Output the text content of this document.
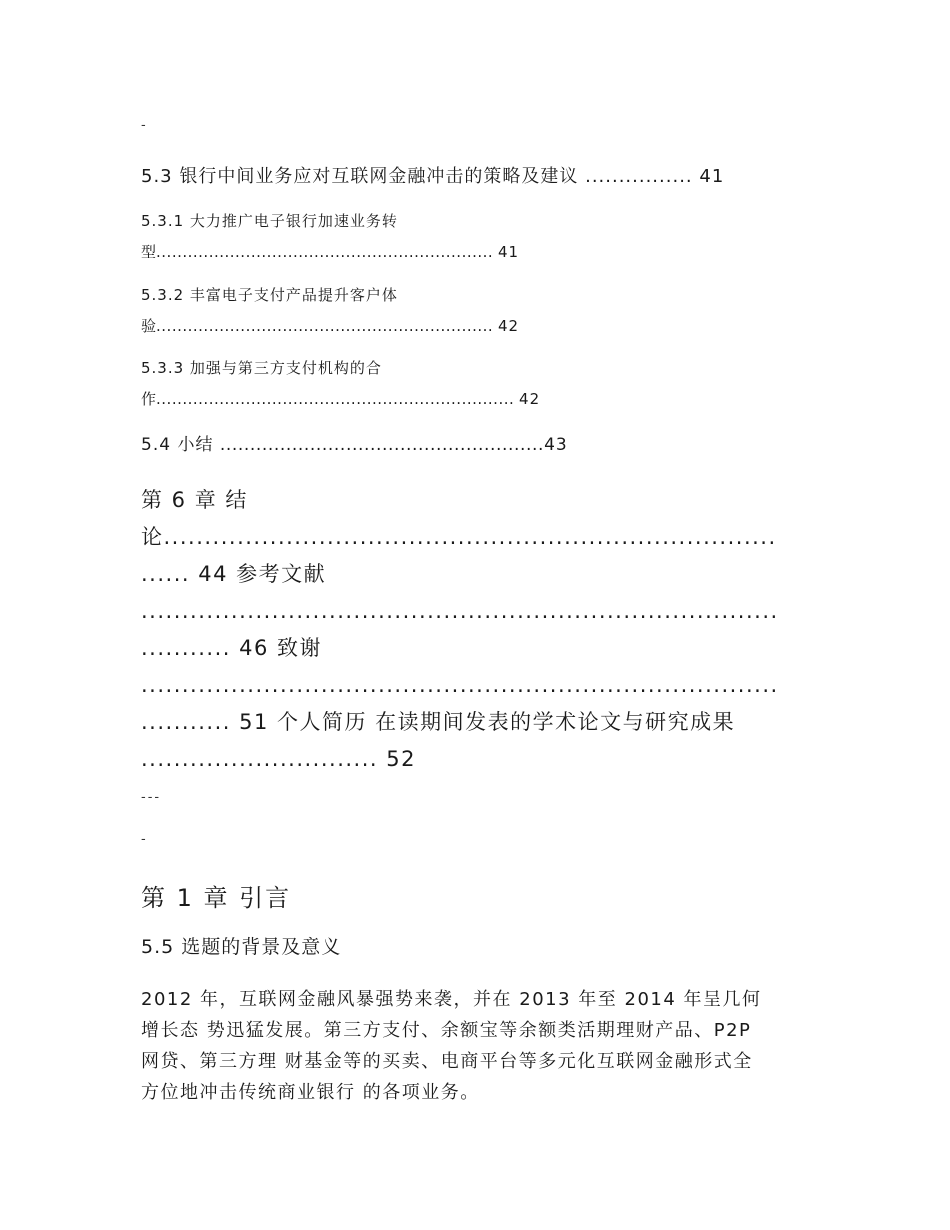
-
5.3 银行中间业务应对互联网金融冲击的策略及建议 ................ 41
5.3.1 大力推广电子银行加速业务转
型................................................................ 41
5.3.2 丰富电子支付产品提升客户体
验................................................................ 42
5.3.3 加强与第三方支付机构的合
作.................................................................... 42
5.4 小结 ......................................................43
第 6 章 结
论...........................................................................
...... 44 参考文献
..............................................................................
........... 46 致谢
..............................................................................
........... 51 个人简历 在读期间发表的学术论文与研究成果
............................. 52
---
-
第 1 章 引言
5.5 选题的背景及意义
2012 年，互联网金融风暴强势来袭，并在 2013 年至 2014 年呈几何
增长态 势迅猛发展。第三方支付、余额宝等余额类活期理财产品、P2P
网贷、第三方理 财基金等的买卖、电商平台等多元化互联网金融形式全
方位地冲击传统商业银行 的各项业务。
